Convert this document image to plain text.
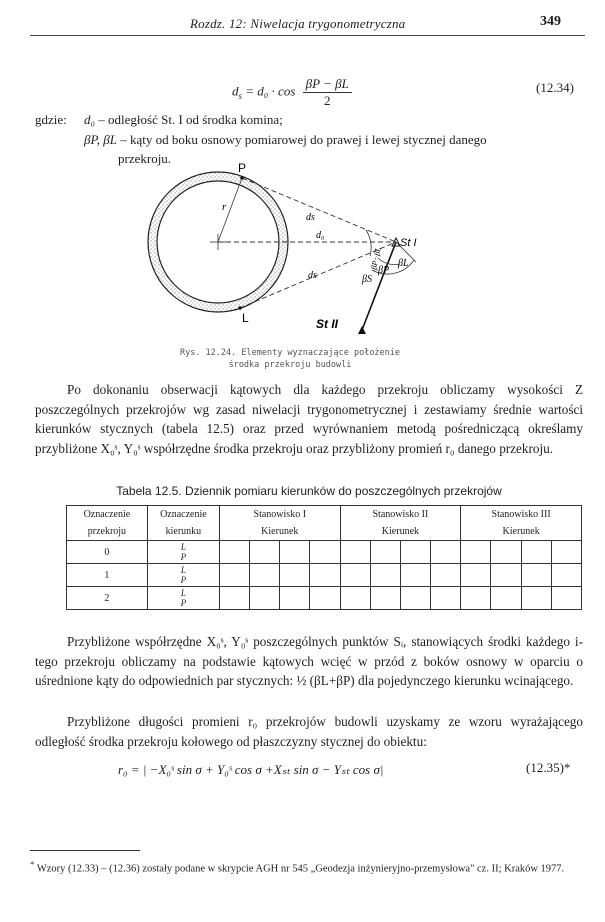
Rozdz. 12: Niwelacja trygonometryczna	349
$d_s = d_0 \cdot \cos \frac{\beta P - \beta L}{2}$	(12.34)
gdzie: d₀ – odległość St. I od środka komina;
βP, βL – kąty od boku osnowy pomiarowej do prawej i lewej stycznej danego
przekroju.
P
L
r
ds
d₀
ds
St I
St II
βL
βP
βS
βP−βL
Rys. 12.24. Elementy wyznaczające położenie
środka przekroju budowli

Po dokonaniu obserwacji kątowych dla każdego przekroju obliczamy wysokości Z poszczególnych przekrojów wg zasad niwelacji trygonometrycznej i zestawiamy średnie wartości kierunków stycznych (tabela 12.5) oraz przed wyrównaniem metodą pośredniczącą określamy przybliżone X₀ˢ, Y₀ˢ współrzędne środka przekroju oraz przybliżony promień r₀ danego przekroju.

Tabela 12.5. Dziennik pomiaru kierunków do poszczególnych przekrojów
Oznaczenie	Oznaczenie	Stanowisko I				Stanowisko II				Stanowisko III			
przekroju	kierunku	Kierunek				Kierunek				Kierunek			
0	L
P												
1	L
P												
2	L
P												

Przybliżone współrzędne X₀ˢ, Y₀ˢ poszczególnych punktów Sᵢ, stanowiących środki każdego i-tego przekroju obliczamy na podstawie kątowych wcięć w przód z boków osnowy w oparciu o uśrednione kąty do odpowiednich par stycznych: ½ (βL+βP) dla pojedynczego kierunku wcinającego.

Przybliżone długości promieni r₀ przekrojów budowli uzyskamy ze wzoru wyrażającego odległość środka przekroju kołowego od płaszczyzny stycznej do obiektu:

r₀ = | −X₀ˢ sin σ + Y₀ˢ cos σ +Xₛₜ sin σ − Yₛₜ cos σ|	(12.35)*
* Wzory (12.33) – (12.36) zostały podane w skrypcie AGH nr 545 „Geodezja inżynieryjno-przemysłowa" cz. II; Kraków 1977.
